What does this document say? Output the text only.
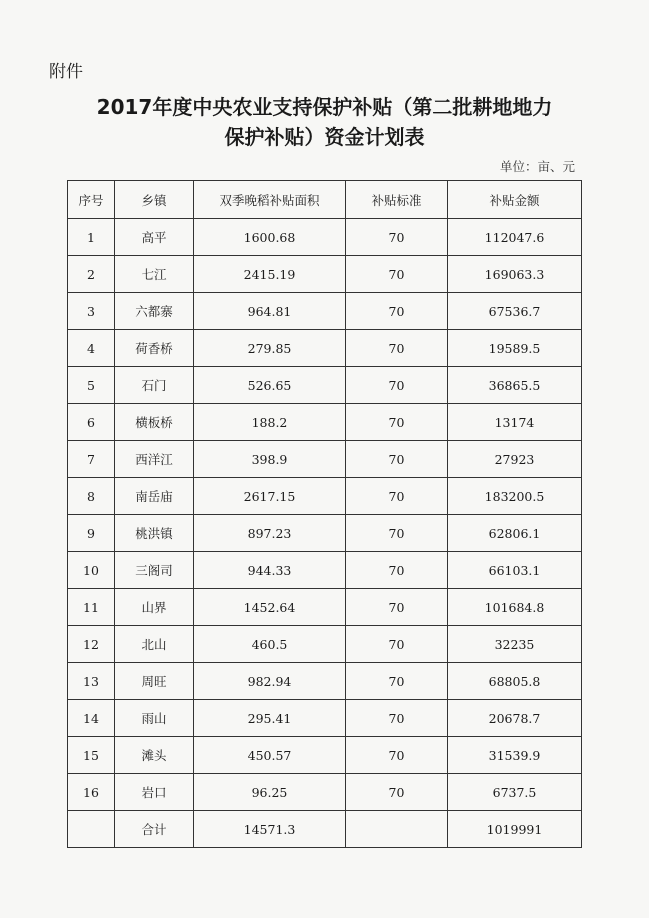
附件
2017年度中央农业支持保护补贴（第二批耕地地力
保护补贴）资金计划表
单位：亩、元
序号	乡镇	双季晚稻补贴面积	补贴标准	补贴金额
1	高平	1600.68	70	112047.6
2	七江	2415.19	70	169063.3
3	六都寨	964.81	70	67536.7
4	荷香桥	279.85	70	19589.5
5	石门	526.65	70	36865.5
6	横板桥	188.2	70	13174
7	西洋江	398.9	70	27923
8	南岳庙	2617.15	70	183200.5
9	桃洪镇	897.23	70	62806.1
10	三阁司	944.33	70	66103.1
11	山界	1452.64	70	101684.8
12	北山	460.5	70	32235
13	周旺	982.94	70	68805.8
14	雨山	295.41	70	20678.7
15	滩头	450.57	70	31539.9
16	岩口	96.25	70	6737.5
	合计	14571.3		1019991
